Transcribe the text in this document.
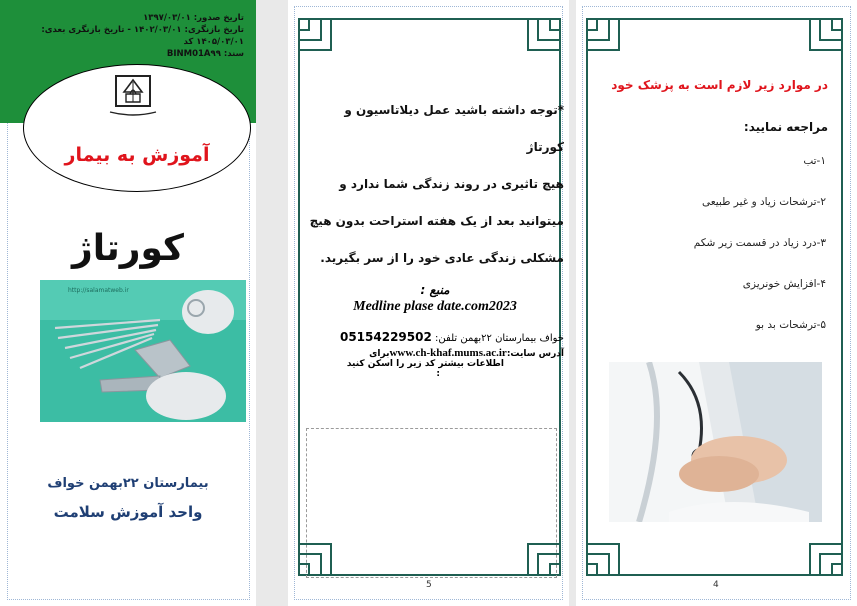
تاریخ صدور: ۱۳۹۷/۰۳/۰۱
تاریخ بازنگری: ۱۴۰۲/۰۳/۰۱ - تاریخ بازنگری بعدی: ۱۴۰۵/۰۳/۰۱ کد
سند: BINM01A۹۹
آموزش به بیمار
کورتاژ
http://salamatweb.ir
بیمارستان ۲۲بهمن خواف
واحد آموزش سلامت
*توجه داشته باشید عمل دیلاتاسیون و کورتاژ
هیچ تاثیری در روند زندگی شما ندارد و
میتوانید بعد از یک هفته استراحت بدون هیچ
مشکلی زندگی عادی خود را از سر بگیرید.
منبع :
Medline plase date.com2023
خواف بیمارستان ۲۲بهمن تلفن: 05154229502
آدرس سایت:www.ch-khaf.mums.ac.irبرای
اطلاعات بیشتر کد زیر را اسکن کنید
:
5
در موارد زیر لازم است به پزشک خود
مراجعه نمایید:
۱-تب
۲-ترشحات زیاد و غیر طبیعی
۳-درد زیاد در قسمت زیر شکم
۴-افزایش خونریزی
۵-ترشحات بد بو
4
